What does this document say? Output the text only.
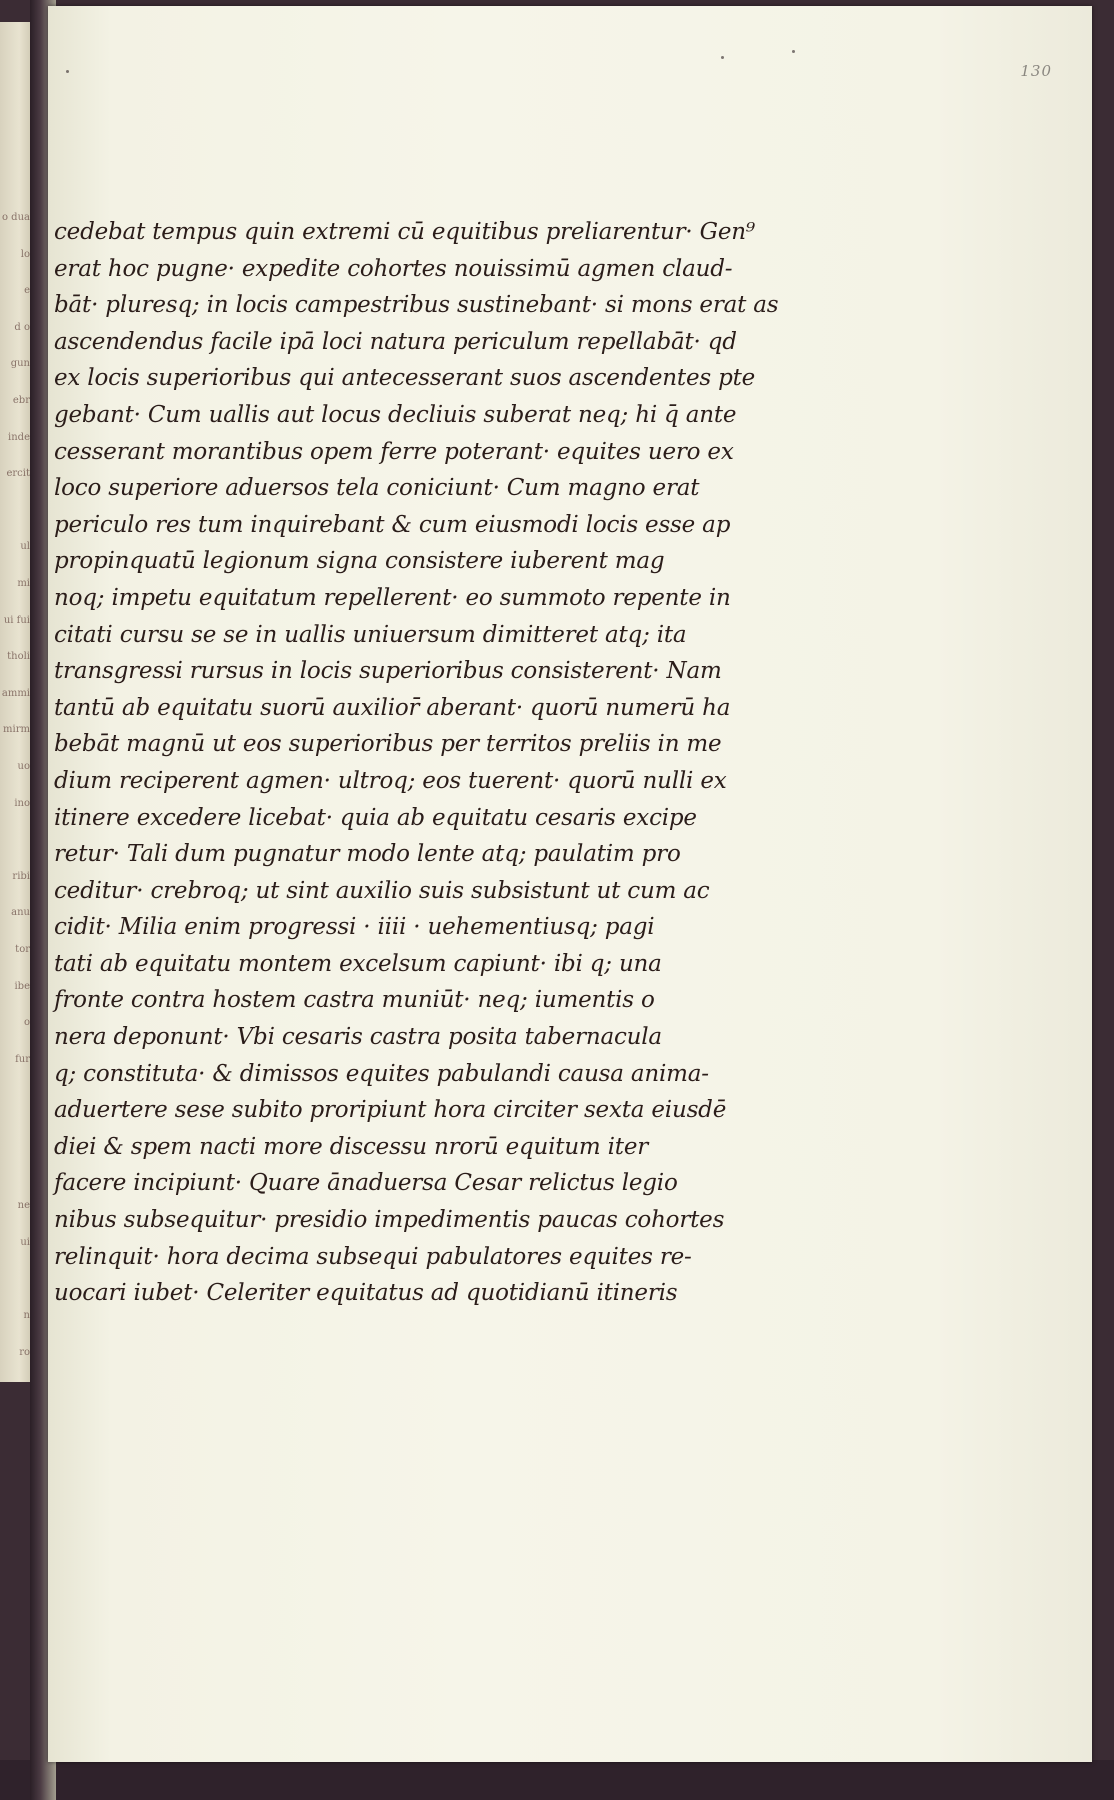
o dua
lo
e
d o
gun
ebr
inde
ercit
ul
mi
ui fui
tholi
ammi
mirm
uo
ino
ribi
anu
tor
ibe
o
fur
ne
ui
n
ro
130
cedebat tempus quin extremi cū equitibus preliarentur· Gen⁹
erat hoc pugne· expedite cohortes nouissimū agmen claud-
bāt· pluresq; in locis campestribus sustinebant· si mons erat as
ascendendus facile ipā loci natura periculum repellabāt· qd
ex locis superioribus qui antecesserant suos ascendentes pte
gebant· Cum uallis aut locus decliuis suberat neq; hi q̄ ante
cesserant morantibus opem ferre poterant· equites uero ex
loco superiore aduersos tela coniciunt· Cum magno erat
periculo res tum inquirebant & cum eiusmodi locis esse ap
propinquatū legionum signa consistere iuberent mag
noq; impetu equitatum repellerent· eo summoto repente in
citati cursu se se in uallis uniuersum dimitteret atq; ita
transgressi rursus in locis superioribus consisterent· Nam
tantū ab equitatu suorū auxilior̄ aberant· quorū numerū ha
bebāt magnū ut eos superioribus per territos preliis in me
dium reciperent agmen· ultroq; eos tuerent· quorū nulli ex
itinere excedere licebat· quia ab equitatu cesaris excipe
retur· Tali dum pugnatur modo lente atq; paulatim pro
ceditur· crebroq; ut sint auxilio suis subsistunt ut cum ac
cidit· Milia enim progressi · iiii · uehementiusq; pagi
tati ab equitatu montem excelsum capiunt· ibi q; una
fronte contra hostem castra muniūt· neq; iumentis o
nera deponunt· Vbi cesaris castra posita tabernacula
q; constituta· & dimissos equites pabulandi causa anima-
aduertere sese subito proripiunt hora circiter sexta eiusdē
diei & spem nacti more discessu nrorū equitum iter
facere incipiunt· Quare ānaduersa Cesar relictus legio
nibus subsequitur· presidio impedimentis paucas cohortes
relinquit· hora decima subsequi pabulatores equites re-
uocari iubet· Celeriter equitatus ad quotidianū itineris
